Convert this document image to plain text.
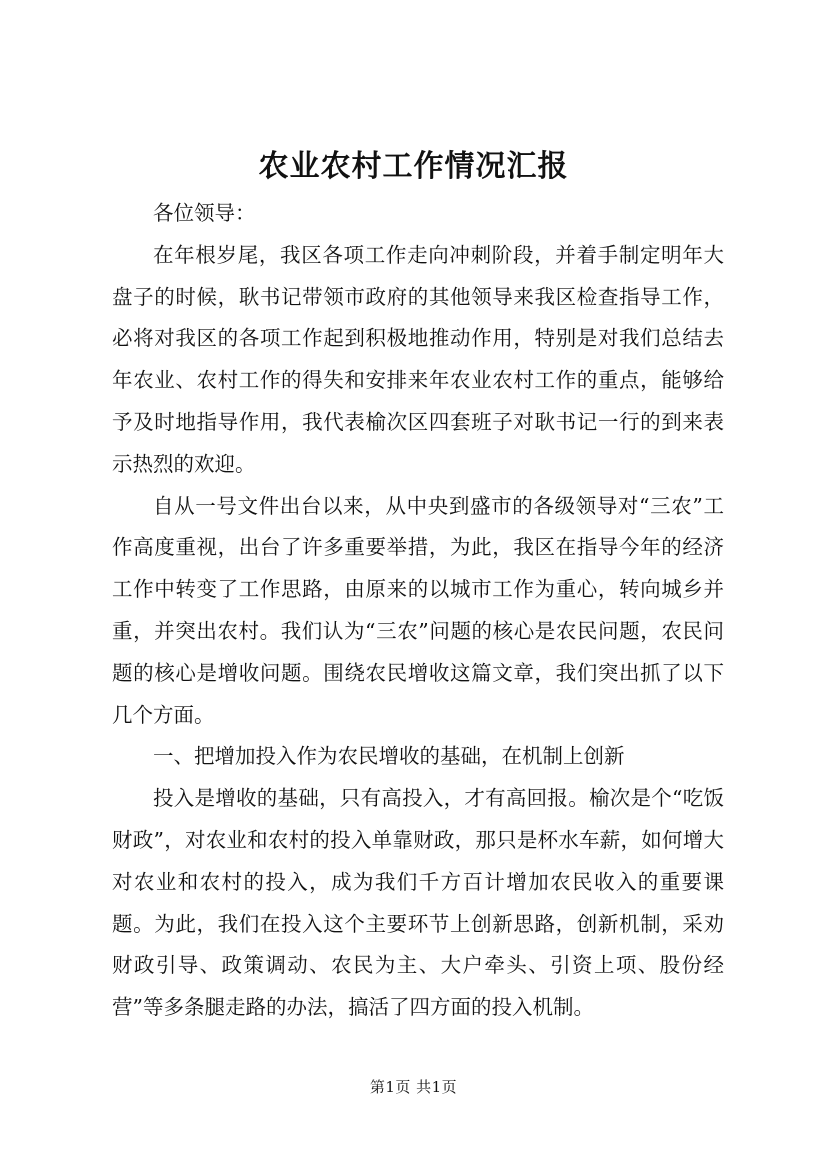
农业农村工作情况汇报

各位领导：

在年根岁尾，我区各项工作走向冲刺阶段，并着手制定明年大盘子的时候，耿书记带领市政府的其他领导来我区检查指导工作，必将对我区的各项工作起到积极地推动作用，特别是对我们总结去年农业、农村工作的得失和安排来年农业农村工作的重点，能够给予及时地指导作用，我代表榆次区四套班子对耿书记一行的到来表示热烈的欢迎。

自从一号文件出台以来，从中央到盛市的各级领导对“三农”工作高度重视，出台了许多重要举措，为此，我区在指导今年的经济工作中转变了工作思路，由原来的以城市工作为重心，转向城乡并重，并突出农村。我们认为“三农”问题的核心是农民问题，农民问题的核心是增收问题。围绕农民增收这篇文章，我们突出抓了以下几个方面。

一、把增加投入作为农民增收的基础，在机制上创新

投入是增收的基础，只有高投入，才有高回报。榆次是个“吃饭财政”，对农业和农村的投入单靠财政，那只是杯水车薪，如何增大对农业和农村的投入，成为我们千方百计增加农民收入的重要课题。为此，我们在投入这个主要环节上创新思路，创新机制，采劝财政引导、政策调动、农民为主、大户牵头、引资上项、股份经营”等多条腿走路的办法，搞活了四方面的投入机制。

第1页 共1页
